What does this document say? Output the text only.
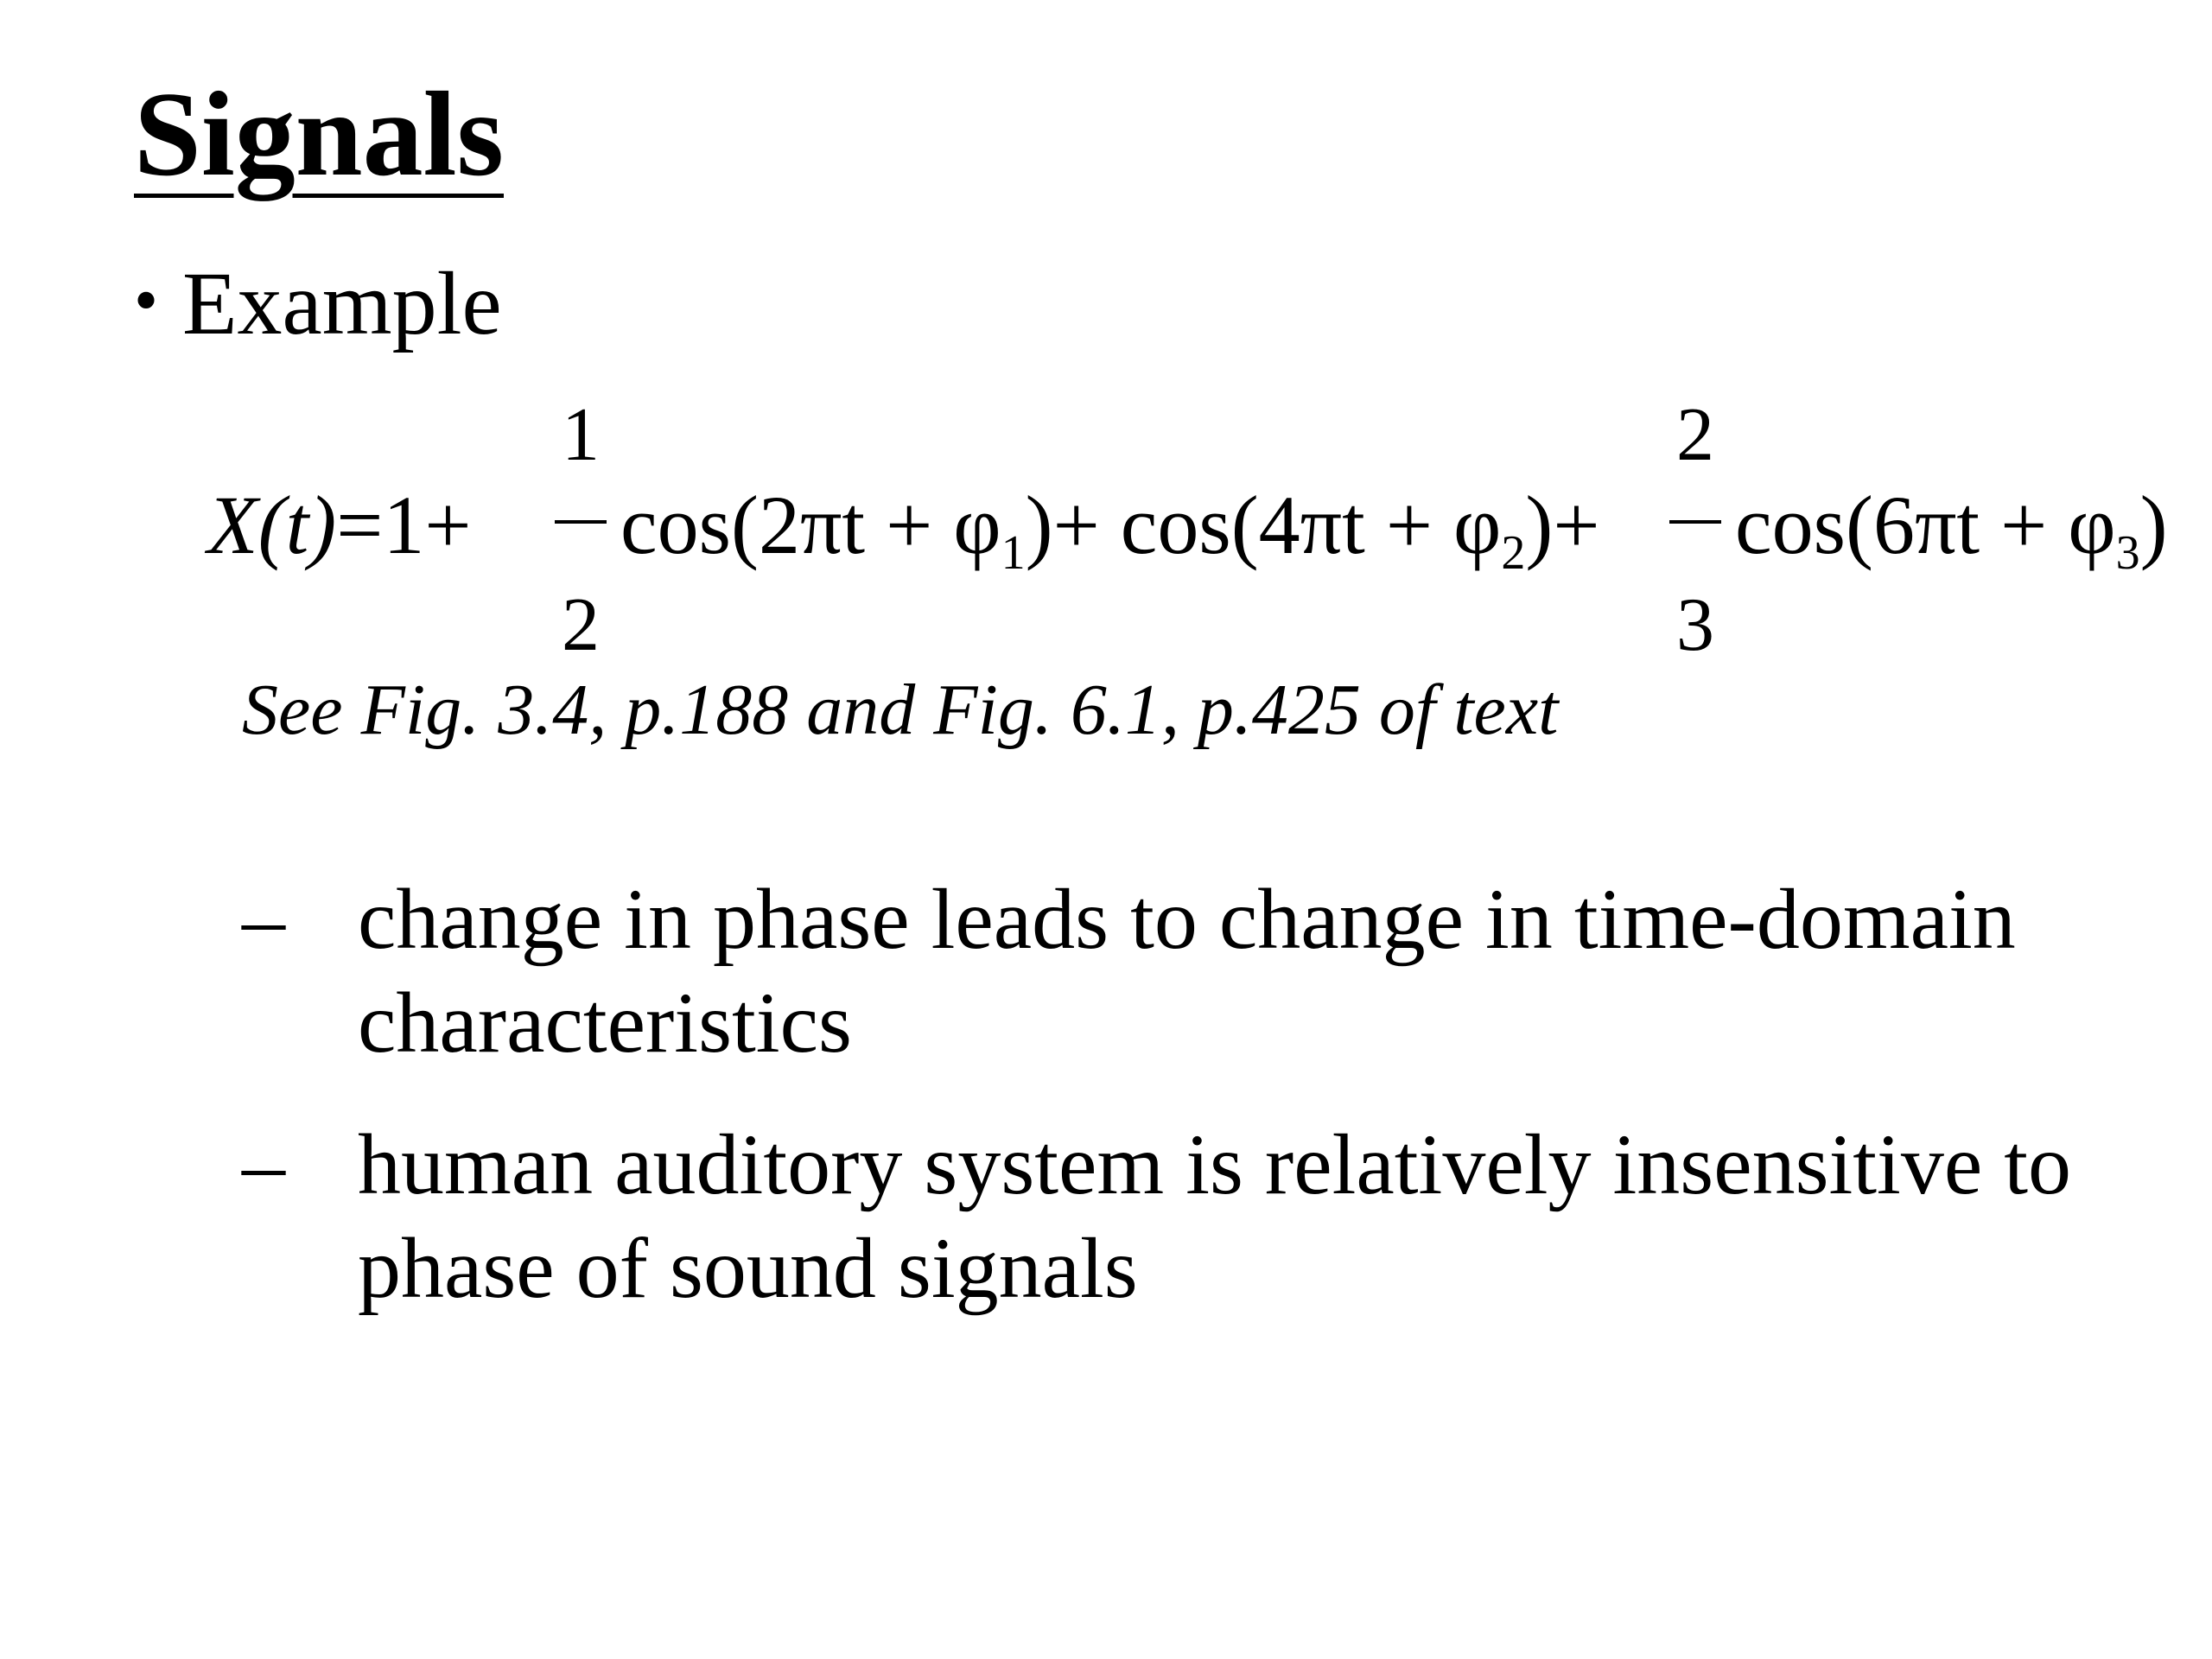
Signals
• Example
X(t)=1+
1
2
$\cos(2\pi t + \varphi_1)+ \cos(4\pi t + \varphi_2)+$
2
3
$\cos(6\pi t + \varphi_3)$
See Fig. 3.4, p.188 and Fig. 6.1, p.425 of text
– change in phase leads to change in time-domain characteristics
– human auditory system is relatively insensitive to phase of sound signals
